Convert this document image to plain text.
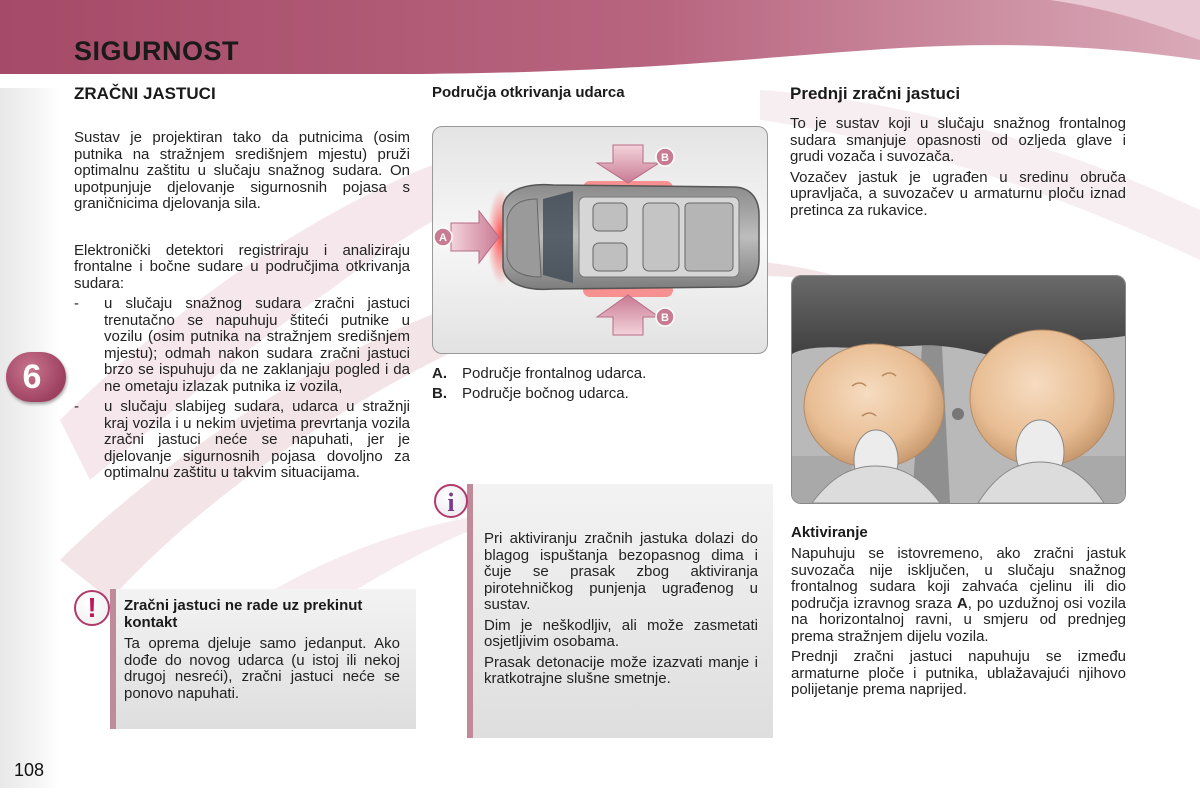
SIGURNOST
6
108
ZRAČNI JASTUCI

Sustav je projektiran tako da putnicima (osim putnika na stražnjem središnjem mjestu) pruži optimalnu zaštitu u slučaju snažnog sudara. On upotpunjuje djelovanje sigurnosnih pojasa s graničnicima djelovanja sila.

Elektronički detektori registriraju i analiziraju frontalne i bočne sudare u područjima otkrivanja sudara:

- u slučaju snažnog sudara zračni jastuci trenutačno se napuhuju štiteći putnike u vozilu (osim putnika na stražnjem središnjem mjestu); odmah nakon sudara zračni jastuci brzo se ispuhuju da ne zaklanjaju pogled i da ne ometaju izlazak putnika iz vozila,
- u slučaju slabijeg sudara, udarca u stražnji kraj vozila i u nekim uvjetima prevrtanja vozila zračni jastuci neće se napuhati, jer je djelovanje sigurnosnih pojasa dovoljno za optimalnu zaštitu u takvim situacijama.
!	Zračni jastuci ne rade uz prekinut kontakt
Ta oprema djeluje samo jedanput. Ako dođe do novog udarca (u istoj ili nekoj drugoj nesreći), zračni jastuci neće se ponovo napuhati.
Područja otkrivanja udarca
A
B
B
A. Područje frontalnog udarca.
B. Područje bočnog udarca.
i

Pri aktiviranju zračnih jastuka dolazi do blagog ispuštanja bezopasnog dima i čuje se prasak zbog aktiviranja pirotehničkog punjenja ugrađenog u sustav.

Dim je neškodljiv, ali može zasmetati osjetljivim osobama.

Prasak detonacije može izazvati manje i kratkotrajne slušne smetnje.

Prednji zračni jastuci

To je sustav koji u slučaju snažnog frontalnog sudara smanjuje opasnosti od ozljeda glave i grudi vozača i suvozača.

Vozačev jastuk je ugrađen u sredinu obruča upravljača, a suvozačev u armaturnu ploču iznad pretinca za rukavice.

Aktiviranje

Napuhuju se istovremeno, ako zračni jastuk suvozača nije isključen, u slučaju snažnog frontalnog sudara koji zahvaća cjelinu ili dio područja izravnog sraza A, po uzdužnoj osi vozila na horizontalnoj ravni, u smjeru od prednjeg prema stražnjem dijelu vozila.

Prednji zračni jastuci napuhuju se između armaturne ploče i putnika, ublažavajući njihovo polijetanje prema naprijed.
